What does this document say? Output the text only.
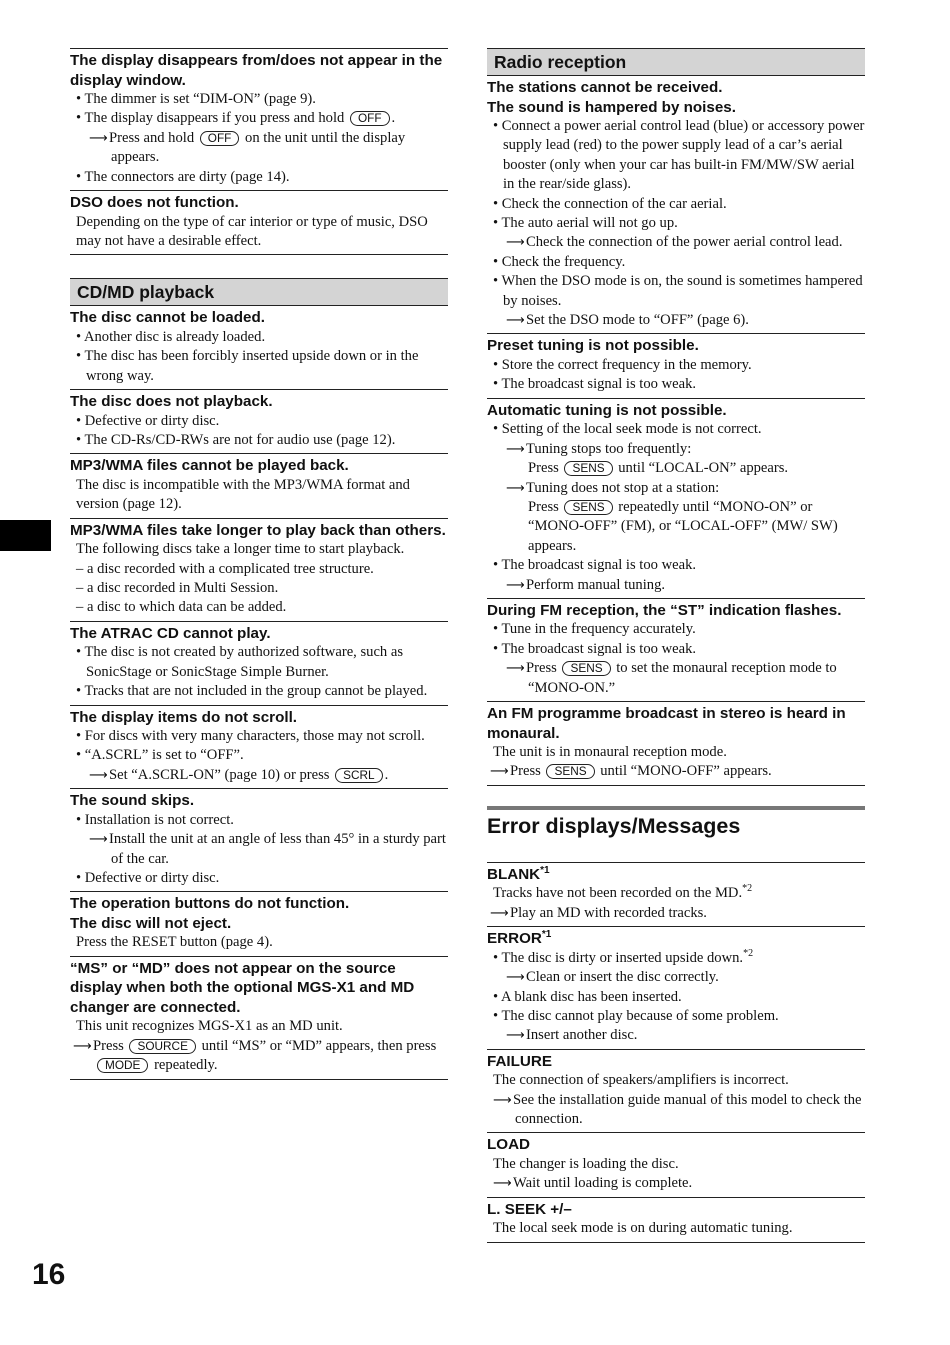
16
The display disappears from/does not appear in the display window.
• The dimmer is set “DIM-ON” (page 9).
• The display disappears if you press and hold OFF .
⟶Press and hold OFF on the unit until the display appears.
• The connectors are dirty (page 14).
DSO does not function.
Depending on the type of car interior or type of music, DSO may not have a desirable effect.
CD/MD playback
The disc cannot be loaded.
• Another disc is already loaded.
• The disc has been forcibly inserted upside down or in the wrong way.
The disc does not playback.
• Defective or dirty disc.
• The CD-Rs/CD-RWs are not for audio use (page 12).
MP3/WMA files cannot be played back.
The disc is incompatible with the MP3/WMA format and version (page 12).
MP3/WMA files take longer to play back than others.
The following discs take a longer time to start playback.
– a disc recorded with a complicated tree structure.
– a disc recorded in Multi Session.
– a disc to which data can be added.
The ATRAC CD cannot play.
• The disc is not created by authorized software, such as SonicStage or SonicStage Simple Burner.
• Tracks that are not included in the group cannot be played.
The display items do not scroll.
• For discs with very many characters, those may not scroll.
• “A.SCRL” is set to “OFF”.
⟶Set “A.SCRL-ON” (page 10) or press SCRL .
The sound skips.
• Installation is not correct.
⟶Install the unit at an angle of less than 45° in a sturdy part of the car.
• Defective or dirty disc.
The operation buttons do not function.
The disc will not eject.
Press the RESET button (page 4).
“MS” or “MD” does not appear on the source display when both the optional MGS-X1 and MD changer are connected.
This unit recognizes MGS-X1 as an MD unit.
⟶Press SOURCE until “MS” or “MD” appears, then press MODE repeatedly.
Radio reception
The stations cannot be received.
The sound is hampered by noises.
• Connect a power aerial control lead (blue) or accessory power supply lead (red) to the power supply lead of a car’s aerial booster (only when your car has built-in FM/MW/SW aerial in the rear/side glass).
• Check the connection of the car aerial.
• The auto aerial will not go up.
⟶Check the connection of the power aerial control lead.
• Check the frequency.
• When the DSO mode is on, the sound is sometimes hampered by noises.
⟶Set the DSO mode to “OFF” (page 6).
Preset tuning is not possible.
• Store the correct frequency in the memory.
• The broadcast signal is too weak.
Automatic tuning is not possible.
• Setting of the local seek mode is not correct.
⟶Tuning stops too frequently:
Press SENS until “LOCAL-ON” appears.
⟶Tuning does not stop at a station:
Press SENS repeatedly until “MONO-ON” or “MONO-OFF” (FM), or “LOCAL-OFF” (MW/ SW) appears.
• The broadcast signal is too weak.
⟶Perform manual tuning.
During FM reception, the “ST” indication flashes.
• Tune in the frequency accurately.
• The broadcast signal is too weak.
⟶Press SENS to set the monaural reception mode to “MONO-ON.”
An FM programme broadcast in stereo is heard in monaural.
The unit is in monaural reception mode.
⟶Press SENS until “MONO-OFF” appears.
Error displays/Messages
BLANK$^{*1}$
Tracks have not been recorded on the MD.$^{*2}$
⟶Play an MD with recorded tracks.
ERROR$^{*1}$
• The disc is dirty or inserted upside down.$^{*2}$
⟶Clean or insert the disc correctly.
• A blank disc has been inserted.
• The disc cannot play because of some problem.
⟶Insert another disc.
FAILURE
The connection of speakers/amplifiers is incorrect.
⟶See the installation guide manual of this model to check the connection.
LOAD
The changer is loading the disc.
⟶Wait until loading is complete.
L. SEEK +/–
The local seek mode is on during automatic tuning.
